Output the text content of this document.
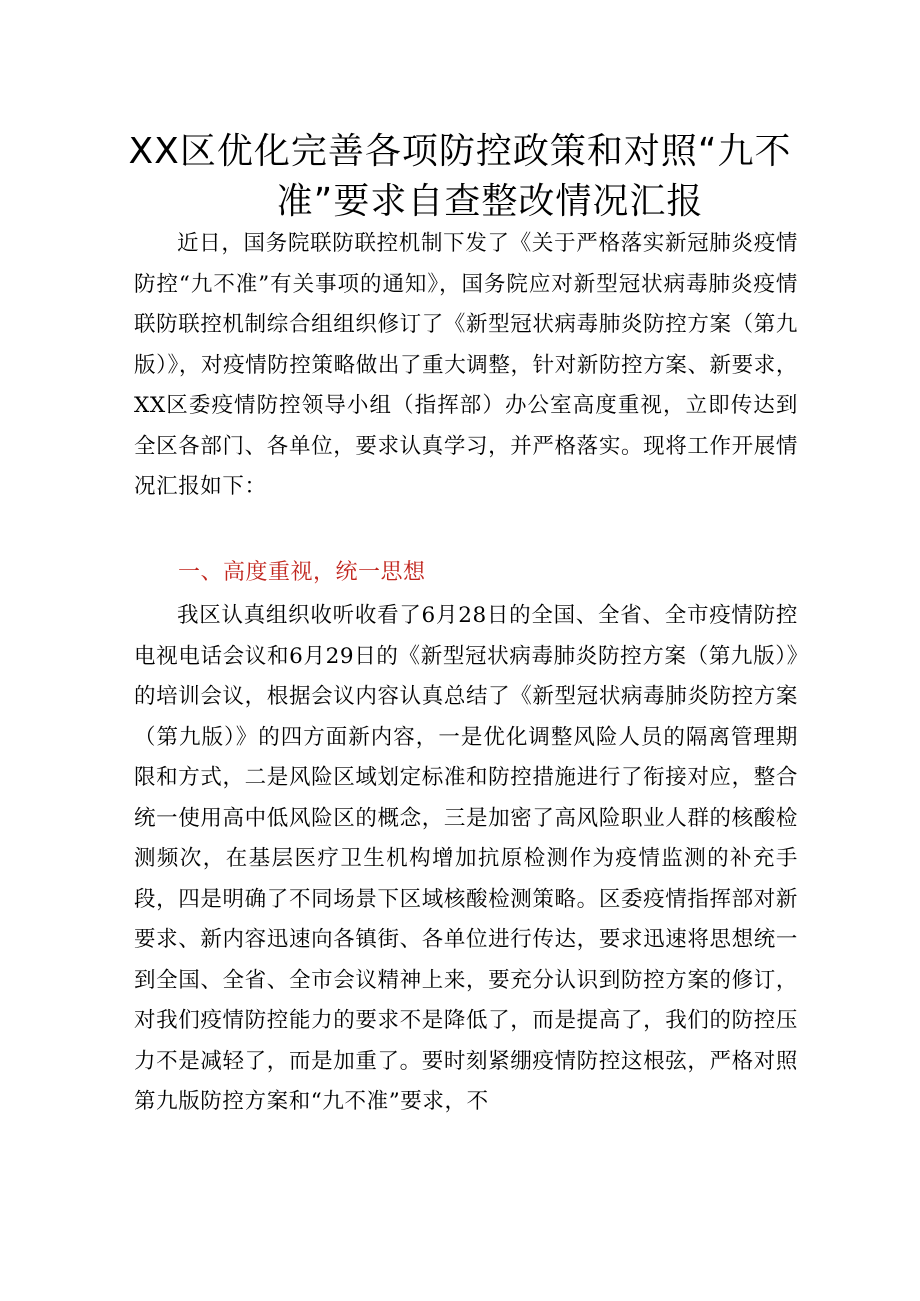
XX区优化完善各项防控政策和对照“九不
准”要求自查整改情况汇报

近日，国务院联防联控机制下发了《关于严格落实新冠肺炎疫情防控“九不准”有关事项的通知》，国务院应对新型冠状病毒肺炎疫情联防联控机制综合组组织修订了《新型冠状病毒肺炎防控方案（第九版）》，对疫情防控策略做出了重大调整，针对新防控方案、新要求，XX区委疫情防控领导小组（指挥部）办公室高度重视，立即传达到全区各部门、各单位，要求认真学习，并严格落实。现将工作开展情况汇报如下：

一、高度重视，统一思想

我区认真组织收听收看了6月28日的全国、全省、全市疫情防控电视电话会议和6月29日的《新型冠状病毒肺炎防控方案（第九版）》的培训会议，根据会议内容认真总结了《新型冠状病毒肺炎防控方案（第九版）》的四方面新内容，一是优化调整风险人员的隔离管理期限和方式，二是风险区域划定标准和防控措施进行了衔接对应，整合统一使用高中低风险区的概念，三是加密了高风险职业人群的核酸检测频次，在基层医疗卫生机构增加抗原检测作为疫情监测的补充手段，四是明确了不同场景下区域核酸检测策略。区委疫情指挥部对新要求、新内容迅速向各镇街、各单位进行传达，要求迅速将思想统一到全国、全省、全市会议精神上来，要充分认识到防控方案的修订，对我们疫情防控能力的要求不是降低了，而是提高了，我们的防控压力不是减轻了，而是加重了。要时刻紧绷疫情防控这根弦，严格对照第九版防控方案和“九不准”要求，不
